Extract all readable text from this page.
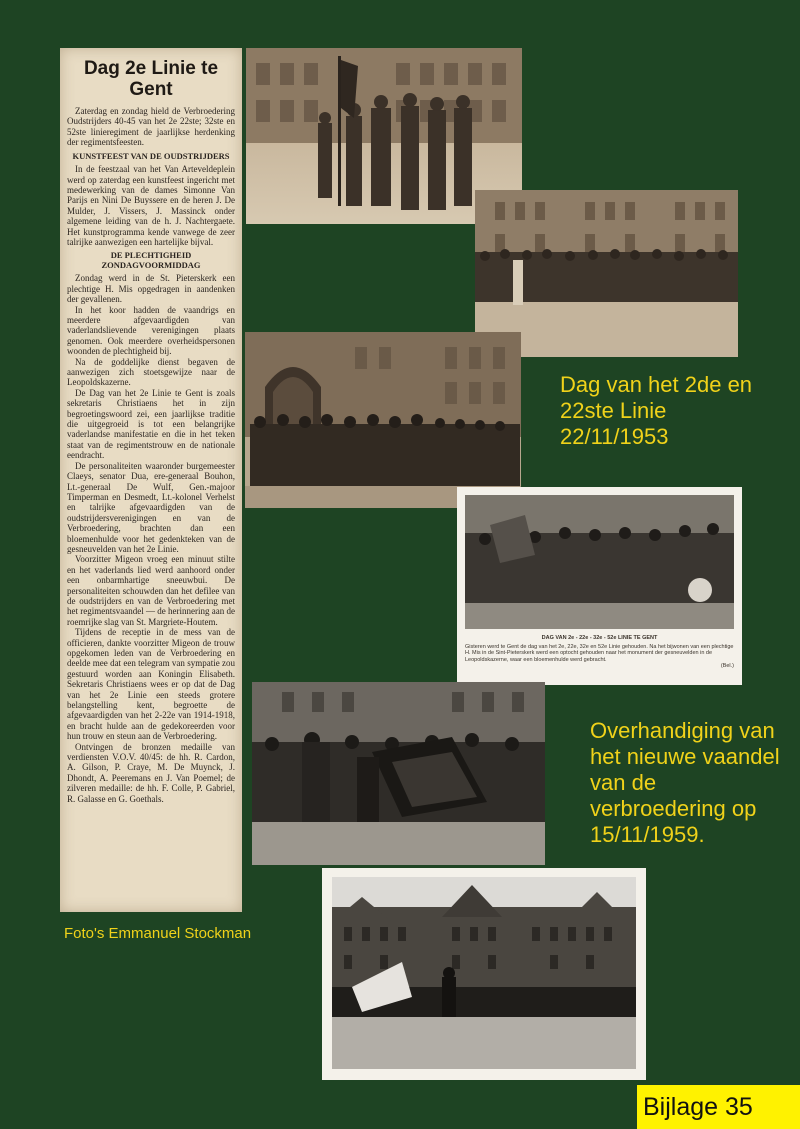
Dag 2e Linie te Gent

Zaterdag en zondag hield de Verbroedering Oudstrijders 40-45 van het 2e 22ste; 32ste en 52ste linieregiment de jaarlijkse herdenking der regimentsfeesten.

KUNSTFEEST VAN DE OUDSTRIJDERS

In de feestzaal van het Van Arteveldeplein werd op zaterdag een kunstfeest ingericht met medewerking van de dames Simonne Van Parijs en Nini De Buyssere en de heren J. De Mulder, J. Vissers, J. Massinck onder algemene leiding van de h. J. Nachtergaete. Het kunstprogramma kende vanwege de zeer talrijke aanwezigen een hartelijke bijval.

DE PLECHTIGHEID ZONDAGVOORMIDDAG

Zondag werd in de St. Pieterskerk een plechtige H. Mis opgedragen in aandenken der gevallenen.

In het koor hadden de vaandrigs en meerdere afgevaardigden van vaderlandslievende verenigingen plaats genomen. Ook meerdere overheidspersonen woonden de plechtigheid bij.

Na de goddelijke dienst begaven de aanwezigen zich stoetsgewijze naar de Leopoldskazerne.

De Dag van het 2e Linie te Gent is zoals sekretaris Christiaens het in zijn begroetingswoord zei, een jaarlijkse traditie die uitgegroeid is tot een belangrijke vaderlandse manifestatie en die in het teken staat van de regimentstrouw en de nationale eendracht.

De personaliteiten waaronder burgemeester Claeys, senator Dua, ere-generaal Bouhon, Lt.-generaal De Wulf, Gen.-majoor Timperman en Desmedt, Lt.-kolonel Verhelst en talrijke afgevaardigden van de oudstrijdersverenigingen en van de Verbroedering, brachten dan een bloemenhulde voor het gedenkteken van de gesneuvelden van het 2e Linie.

Voorzitter Migeon vroeg een minuut stilte en het vaderlands lied werd aanhoord onder een onbarmhartige sneeuwbui. De personaliteiten schouwden dan het defilee van de oudstrijders en van de Verbroedering met het regimentsvaandel — de herinnering aan de roemrijke slag van St. Margriete-Houtem.

Tijdens de receptie in de mess van de officieren, dankte voorzitter Migeon de trouw opgekomen leden van de Verbroedering en deelde mee dat een telegram van sympatie zou gestuurd worden aan Koningin Elisabeth. Sekretaris Christiaens wees er op dat de Dag van het 2e Linie een steeds grotere belangstelling kent, begroette de afgevaardigden van het 2-22e van 1914-1918, en bracht hulde aan de gedekoreerden voor hun trouw en steun aan de Verbroedering.

Ontvingen de bronzen medaille van verdiensten V.O.V. 40/45: de hh. R. Cardon, A. Gilson, P. Craye, M. De Muynck, J. Dhondt, A. Peeremans en J. Van Poemel; de zilveren medaille: de hh. F. Colle, P. Gabriel, R. Galasse en G. Goethals.

DAG VAN 2e - 22e - 32e - 52e LINIE TE GENT
Gisteren werd te Gent de dag van het 2e, 22e, 32e en 52e Linie gehouden. Na het bijwonen van een plechtige H. Mis in de Sint-Pieterskerk werd een optocht gehouden naar het monument der gesneuvelden in de Leopoldskazerne, waar een bloemenhulde werd gebracht.
(Bel.)
Dag van het 2de en
22ste Linie
22/11/1953
Overhandiging van
het nieuwe vaandel
van de
verbroedering op
15/11/1959.
Foto's Emmanuel Stockman
Bijlage 35
